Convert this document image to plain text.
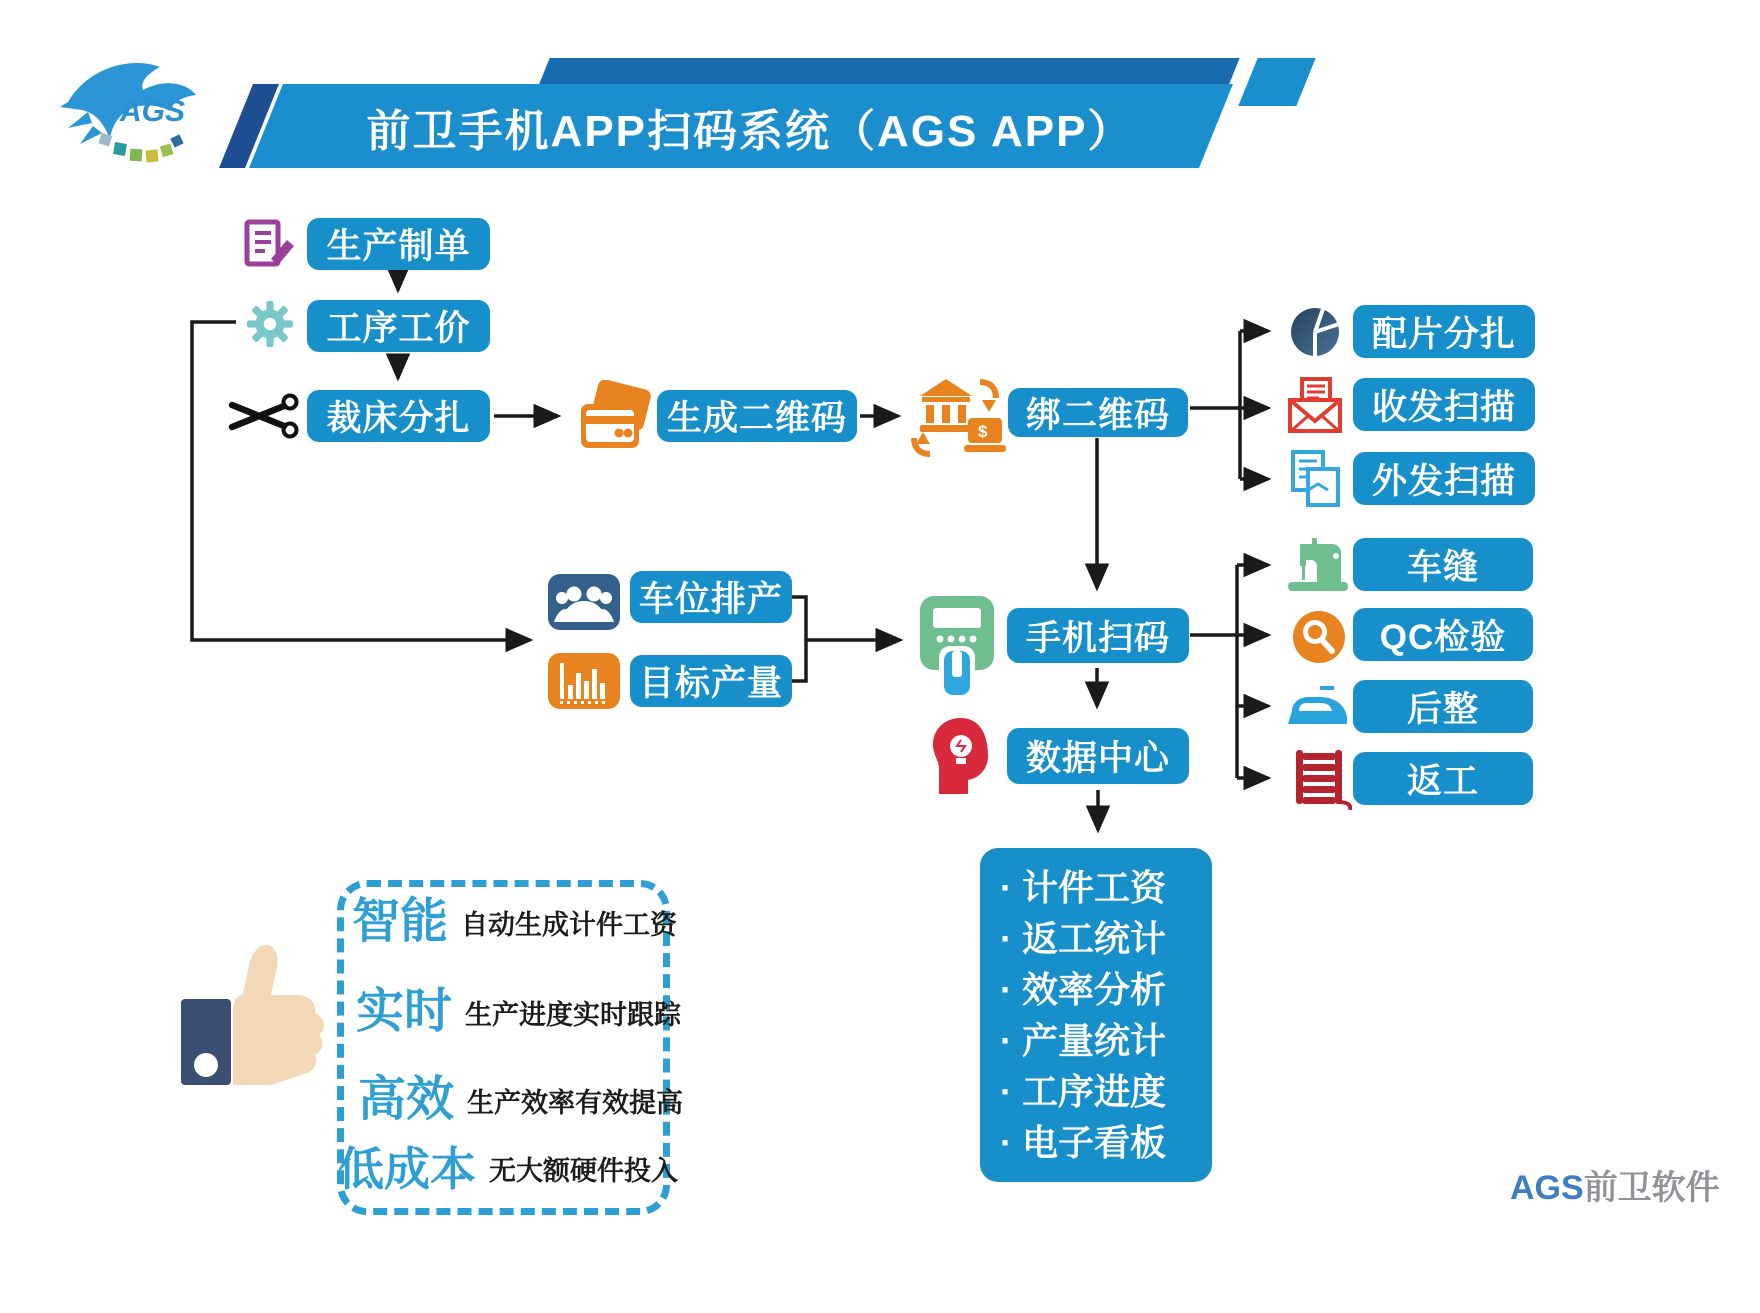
AGS	前卫手机APP扫码系统（AGS APP）
生产制单
工序工价
裁床分扎	生成二维码	$ 绑二维码
配片分扎
收发扫描
外发扫描
车位排产
目标产量
手机扫码
车缝
QC检验
后整
返工
数据中心
· 计件工资
· 返工统计
· 效率分析
· 产量统计
· 工序进度
· 电子看板
智能 自动生成计件工资
实时 生产进度实时跟踪
高效 生产效率有效提高
低成本 无大额硬件投入	AGS前卫软件
